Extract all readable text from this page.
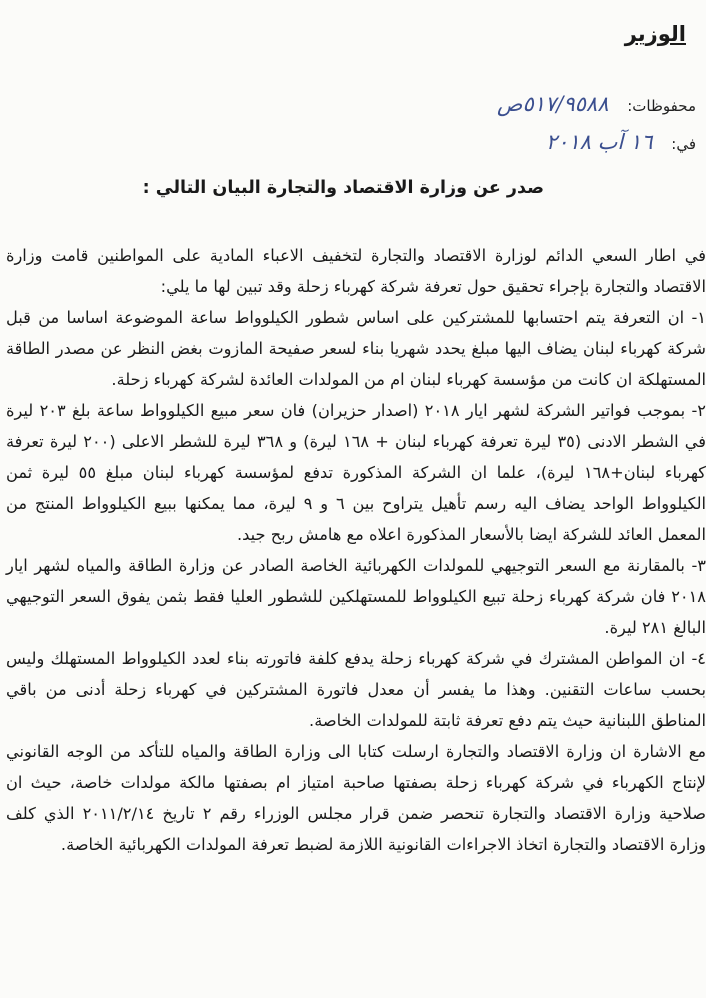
الوزير
محفوظات: ٥١٧/٩٥٨٨ص
في: ١٦ آب ٢٠١٨
صدر عن وزارة الاقتصاد والتجارة البيان التالي :

في اطار السعي الدائم لوزارة الاقتصاد والتجارة لتخفيف الاعباء المادية على المواطنين قامت وزارة الاقتصاد والتجارة بإجراء تحقيق حول تعرفة شركة كهرباء زحلة وقد تبين لها ما يلي:

١- ان التعرفة يتم احتسابها للمشتركين على اساس شطور الكيلوواط ساعة الموضوعة اساسا من قبل شركة كهرباء لبنان يضاف اليها مبلغ يحدد شهريا بناء لسعر صفيحة المازوت بغض النظر عن مصدر الطاقة المستهلكة ان كانت من مؤسسة كهرباء لبنان ام من المولدات العائدة لشركة كهرباء زحلة.

٢- بموجب فواتير الشركة لشهر ايار ٢٠١٨ (اصدار حزيران) فان سعر مبيع الكيلوواط ساعة بلغ ٢٠٣ ليرة في الشطر الادنى (٣٥ ليرة تعرفة كهرباء لبنان + ١٦٨ ليرة) و ٣٦٨ ليرة للشطر الاعلى (٢٠٠ ليرة تعرفة كهرباء لبنان+١٦٨ ليرة)، علما ان الشركة المذكورة تدفع لمؤسسة كهرباء لبنان مبلغ ٥٥ ليرة ثمن الكيلوواط الواحد يضاف اليه رسم تأهيل يتراوح بين ٦ و ٩ ليرة، مما يمكنها ببيع الكيلوواط المنتج من المعمل العائد للشركة ايضا بالأسعار المذكورة اعلاه مع هامش ربح جيد.

٣- بالمقارنة مع السعر التوجيهي للمولدات الكهربائية الخاصة الصادر عن وزارة الطاقة والمياه لشهر ايار ٢٠١٨ فان شركة كهرباء زحلة تبيع الكيلوواط للمستهلكين للشطور العليا فقط بثمن يفوق السعر التوجيهي البالغ ٢٨١ ليرة.

٤- ان المواطن المشترك في شركة كهرباء زحلة يدفع كلفة فاتورته بناء لعدد الكيلوواط المستهلك وليس بحسب ساعات التقنين. وهذا ما يفسر أن معدل فاتورة المشتركين في كهرباء زحلة أدنى من باقي المناطق اللبنانية حيث يتم دفع تعرفة ثابتة للمولدات الخاصة.

مع الاشارة ان وزارة الاقتصاد والتجارة ارسلت كتابا الى وزارة الطاقة والمياه للتأكد من الوجه القانوني لإنتاج الكهرباء في شركة كهرباء زحلة بصفتها صاحبة امتياز ام بصفتها مالكة مولدات خاصة، حيث ان صلاحية وزارة الاقتصاد والتجارة تنحصر ضمن قرار مجلس الوزراء رقم ٢ تاريخ ٢٠١١/٢/١٤ الذي كلف وزارة الاقتصاد والتجارة اتخاذ الاجراءات القانونية اللازمة لضبط تعرفة المولدات الكهربائية الخاصة.
